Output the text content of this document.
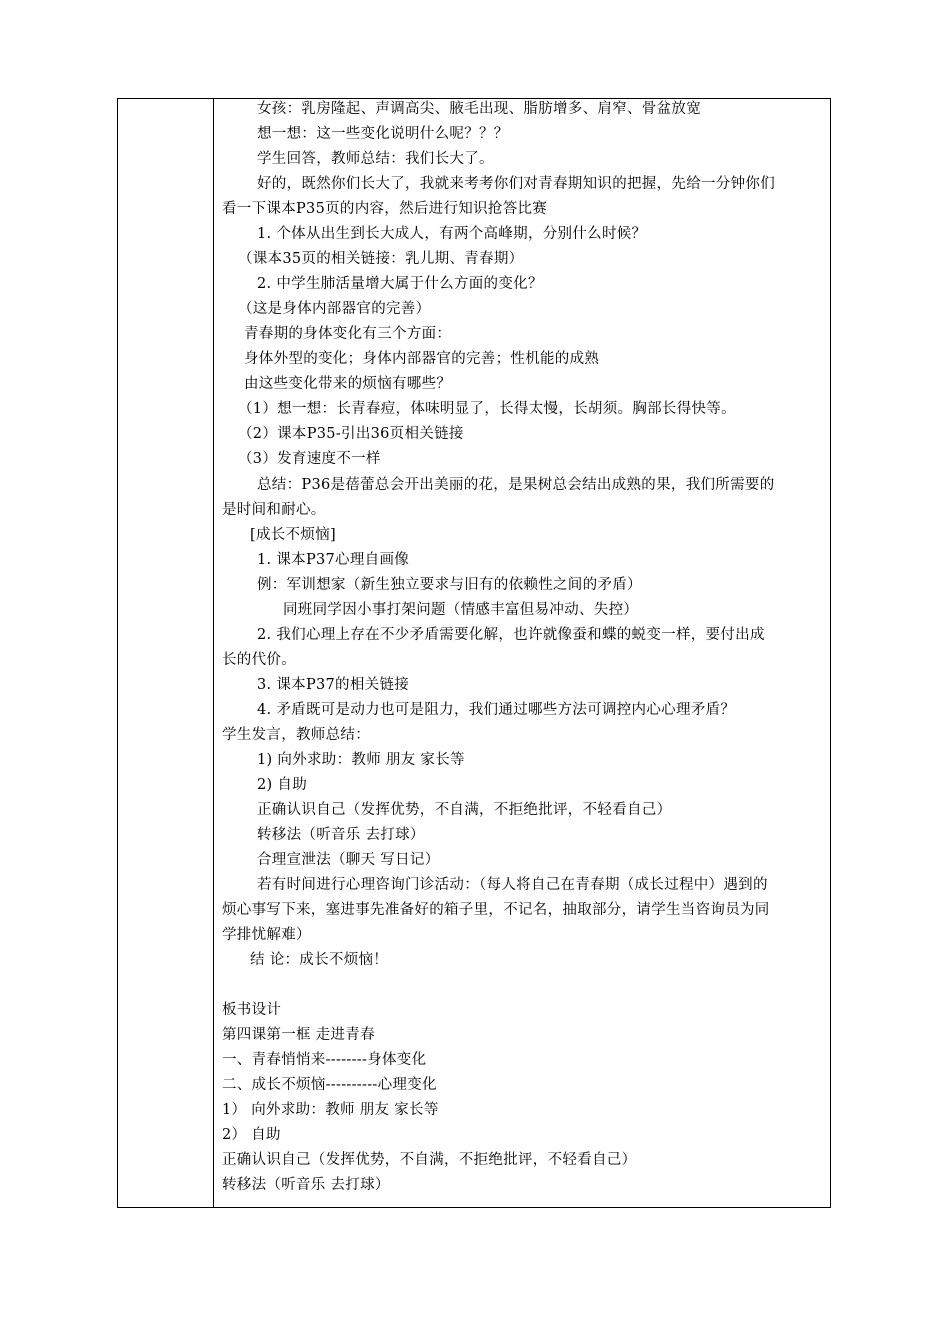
女孩：乳房隆起、声调高尖、腋毛出现、脂肪增多、肩窄、骨盆放宽
想一想：这一些变化说明什么呢？？？
学生回答，教师总结：我们长大了。
好的，既然你们长大了，我就来考考你们对青春期知识的把握，先给一分钟你们
看一下课本P35页的内容，然后进行知识抢答比赛
1. 个体从出生到长大成人，有两个高峰期，分别什么时候？
（课本35页的相关链接：乳儿期、青春期）
2. 中学生肺活量增大属于什么方面的变化？
（这是身体内部器官的完善）
青春期的身体变化有三个方面：
身体外型的变化；身体内部器官的完善；性机能的成熟
由这些变化带来的烦恼有哪些？
（1）想一想：长青春痘，体味明显了，长得太慢，长胡须。胸部长得快等。
（2）课本P35-引出36页相关链接
（3）发育速度不一样
总结：P36是蓓蕾总会开出美丽的花，是果树总会结出成熟的果，我们所需要的
是时间和耐心。
[成长不烦恼]
1. 课本P37心理自画像
例：军训想家（新生独立要求与旧有的依赖性之间的矛盾）
同班同学因小事打架问题（情感丰富但易冲动、失控）
2. 我们心理上存在不少矛盾需要化解，也许就像蚕和蝶的蜕变一样，要付出成
长的代价。
3. 课本P37的相关链接
4. 矛盾既可是动力也可是阻力，我们通过哪些方法可调控内心心理矛盾？
学生发言，教师总结：
1) 向外求助：教师 朋友 家长等
2) 自助
正确认识自己（发挥优势，不自满，不拒绝批评，不轻看自己）
转移法（听音乐 去打球）
合理宣泄法（聊天 写日记）
若有时间进行心理咨询门诊活动：（每人将自己在青春期（成长过程中）遇到的
烦心事写下来，塞进事先准备好的箱子里，不记名，抽取部分，请学生当咨询员为同
学排忧解难）
结 论：成长不烦恼！
板书设计
第四课第一框 走进青春
一、青春悄悄来--------身体变化
二、成长不烦恼----------心理变化
1） 向外求助：教师 朋友 家长等
2） 自助
正确认识自己（发挥优势，不自满，不拒绝批评，不轻看自己）
转移法（听音乐 去打球）
